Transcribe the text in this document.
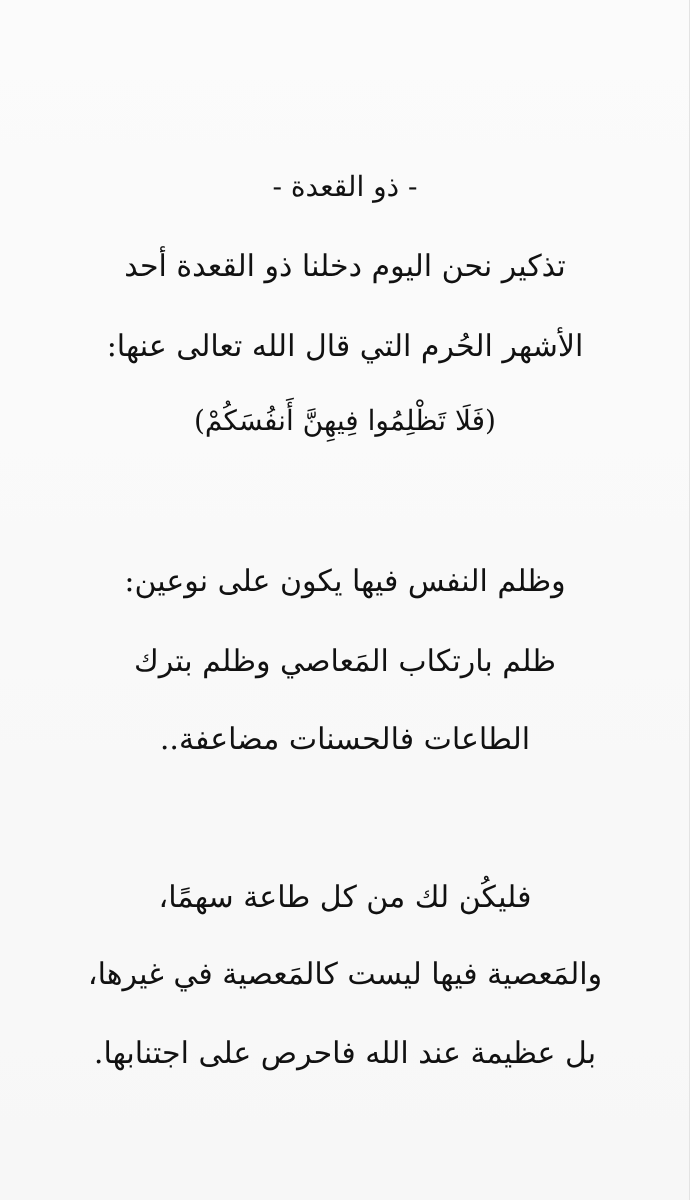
- ذو القعدة -
تذكير نحن اليوم دخلنا ذو القعدة أحد
الأشهر الحُرم التي قال الله تعالى عنها:
(فَلَا تَظْلِمُوا فِيهِنَّ أَنفُسَكُمْ)
وظلم النفس فيها يكون على نوعين:
ظلم بارتكاب المَعاصي وظلم بترك
الطاعات فالحسنات مضاعفة..
فليكُن لك من كل طاعة سهمًا،
والمَعصية فيها ليست كالمَعصية في غيرها،
بل عظيمة عند الله فاحرص على اجتنابها.
